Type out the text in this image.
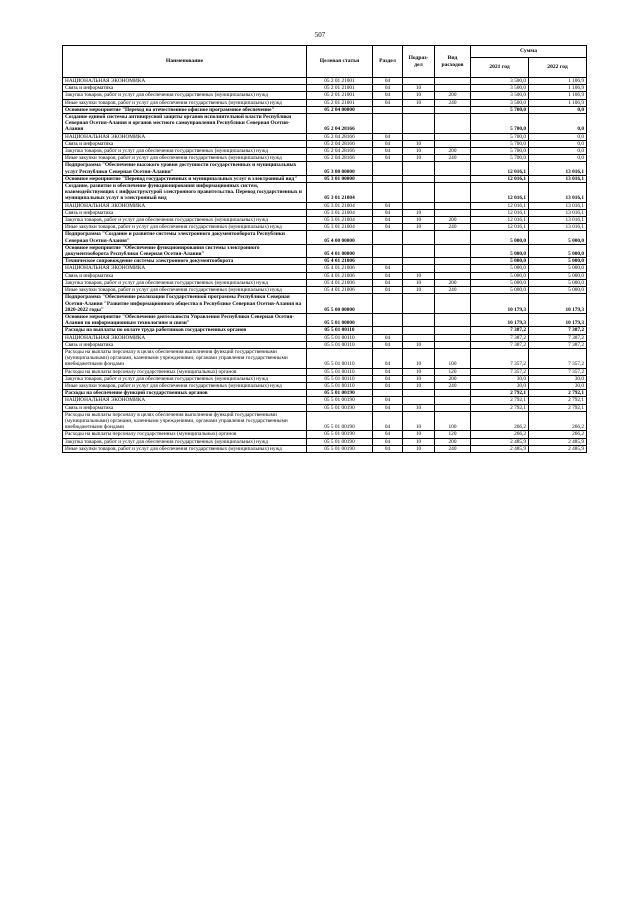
507
Наименование	Целевая статья	Раздел	Подраз-дел	Вид расходов	Сумма	
					2021 год	2022 год
НАЦИОНАЛЬНАЯ ЭКОНОМИКА	05 2 01 21001	04			3 500,0	1 106,9
Связь и информатика	05 2 01 21001	04	10		3 500,0	1 106,9
Закупка товаров, работ и услуг для обеспечения государственных (муниципальных) нужд	05 2 01 21001	04	10	200	3 500,0	1 106,9
Иные закупки товаров, работ и услуг для обеспечения государственных (муниципальных) нужд	05 2 01 21001	04	10	240	3 500,0	1 106,9
Основное мероприятие "Переход на отечественное офисное программное обеспечение"	05 2 04 00000				5 700,0	0,0
Создание единой системы антивирусной защиты органов исполнительной власти Республики Северная Осетия-Алания и органов местного самоуправления Республики Северная Осетия-Алания	05 2 04 28166				5 700,0	0,0
НАЦИОНАЛЬНАЯ ЭКОНОМИКА	05 2 04 28166	04			5 700,0	0,0
Связь и информатика	05 2 04 28166	04	10		5 700,0	0,0
Закупка товаров, работ и услуг для обеспечения государственных (муниципальных) нужд	05 2 04 28166	04	10	200	5 700,0	0,0
Иные закупки товаров, работ и услуг для обеспечения государственных (муниципальных) нужд	05 2 04 28166	04	10	240	5 700,0	0,0
Подпрограмма "Обеспечение высокого уровня доступности государственных и муниципальных услуг Республики Северная Осетия-Алания"	05 3 00 00000				12 016,1	13 016,1
Основное мероприятие "Перевод государственных и муниципальных услуг в электронный вид"	05 3 01 00000				12 016,1	13 016,1
Создание, развитие и обеспечение функционирования информационных систем, взаимодействующих с инфраструктурой электронного правительства. Перевод государственных и муниципальных услуг в электронный вид	05 3 01 21004				12 016,1	13 016,1
НАЦИОНАЛЬНАЯ ЭКОНОМИКА	05 3 01 21004	04			12 016,1	13 016,1
Связь и информатика	05 3 01 21004	04	10		12 016,1	13 016,1
Закупка товаров, работ и услуг для обеспечения государственных (муниципальных) нужд	05 3 01 21004	04	10	200	12 016,1	13 016,1
Иные закупки товаров, работ и услуг для обеспечения государственных (муниципальных) нужд	05 3 01 21004	04	10	240	12 016,1	13 016,1
Подпрограмма "Создание и развитие системы электронного документооборота Республики Северная Осетия-Алания"	05 4 00 00000				5 000,0	5 000,0
Основное мероприятие "Обеспечение функционирования системы электронного документооборота Республики Северная Осетия-Алания"	05 4 01 00000				5 000,0	5 000,0
Техническое сопровождение системы электронного документооборота	05 4 01 21006				5 000,0	5 000,0
НАЦИОНАЛЬНАЯ ЭКОНОМИКА	05 4 01 21006	04			5 000,0	5 000,0
Связь и информатика	05 4 01 21006	04	10		5 000,0	5 000,0
Закупка товаров, работ и услуг для обеспечения государственных (муниципальных) нужд	05 4 01 21006	04	10	200	5 000,0	5 000,0
Иные закупки товаров, работ и услуг для обеспечения государственных (муниципальных) нужд	05 4 01 21006	04	10	240	5 000,0	5 000,0
Подпрограмма "Обеспечение реализации Государственной программы Республики Северная Осетия-Алания "Развитие информационного общества в Республике Северная Осетия-Алания на 2020-2022 годы"	05 5 00 00000				10 179,3	10 179,3
Основное мероприятие "Обеспечение деятельности Управления Республики Северная Осетия-Алания по информационным технологиям и связи"	05 5 01 00000				10 179,3	10 179,3
Расходы на выплаты по оплате труда работников государственных органов	05 5 01 00110				7 387,2	7 387,2
НАЦИОНАЛЬНАЯ ЭКОНОМИКА	05 5 01 00110	04			7 387,2	7 387,2
Связь и информатика	05 5 01 00110	04	10		7 387,2	7 387,2
Расходы на выплаты персоналу в целях обеспечения выполнения функций государственными (муниципальными) органами, казенными учреждениями, органами управления государственными внебюджетными фондами	05 5 01 00110	04	10	100	7 357,2	7 357,2
Расходы на выплаты персоналу государственных (муниципальных) органов	05 5 01 00110	04	10	120	7 357,2	7 357,2
Закупка товаров, работ и услуг для обеспечения государственных (муниципальных) нужд	05 5 01 00110	04	10	200	30,0	30,0
Иные закупки товаров, работ и услуг для обеспечения государственных (муниципальных) нужд	05 5 01 00110	04	10	240	30,0	30,0
Расходы на обеспечение функций государственных органов	05 5 01 00190				2 792,1	2 792,1
НАЦИОНАЛЬНАЯ ЭКОНОМИКА	05 5 01 00190	04			2 792,1	2 792,1
Связь и информатика	05 5 01 00190	04	10		2 792,1	2 792,1
Расходы на выплаты персоналу в целях обеспечения выполнения функций государственными (муниципальными) органами, казенными учреждениями, органами управления государственными внебюджетными фондами	05 5 01 00190	04	10	100	266,2	266,2
Расходы на выплаты персоналу государственных (муниципальных) органов	05 5 01 00190	04	10	120	266,2	266,2
Закупка товаров, работ и услуг для обеспечения государственных (муниципальных) нужд	05 5 01 00190	04	10	200	2 485,9	2 485,9
Иные закупки товаров, работ и услуг для обеспечения государственных (муниципальных) нужд	05 5 01 00190	04	10	240	2 485,9	2 485,9
